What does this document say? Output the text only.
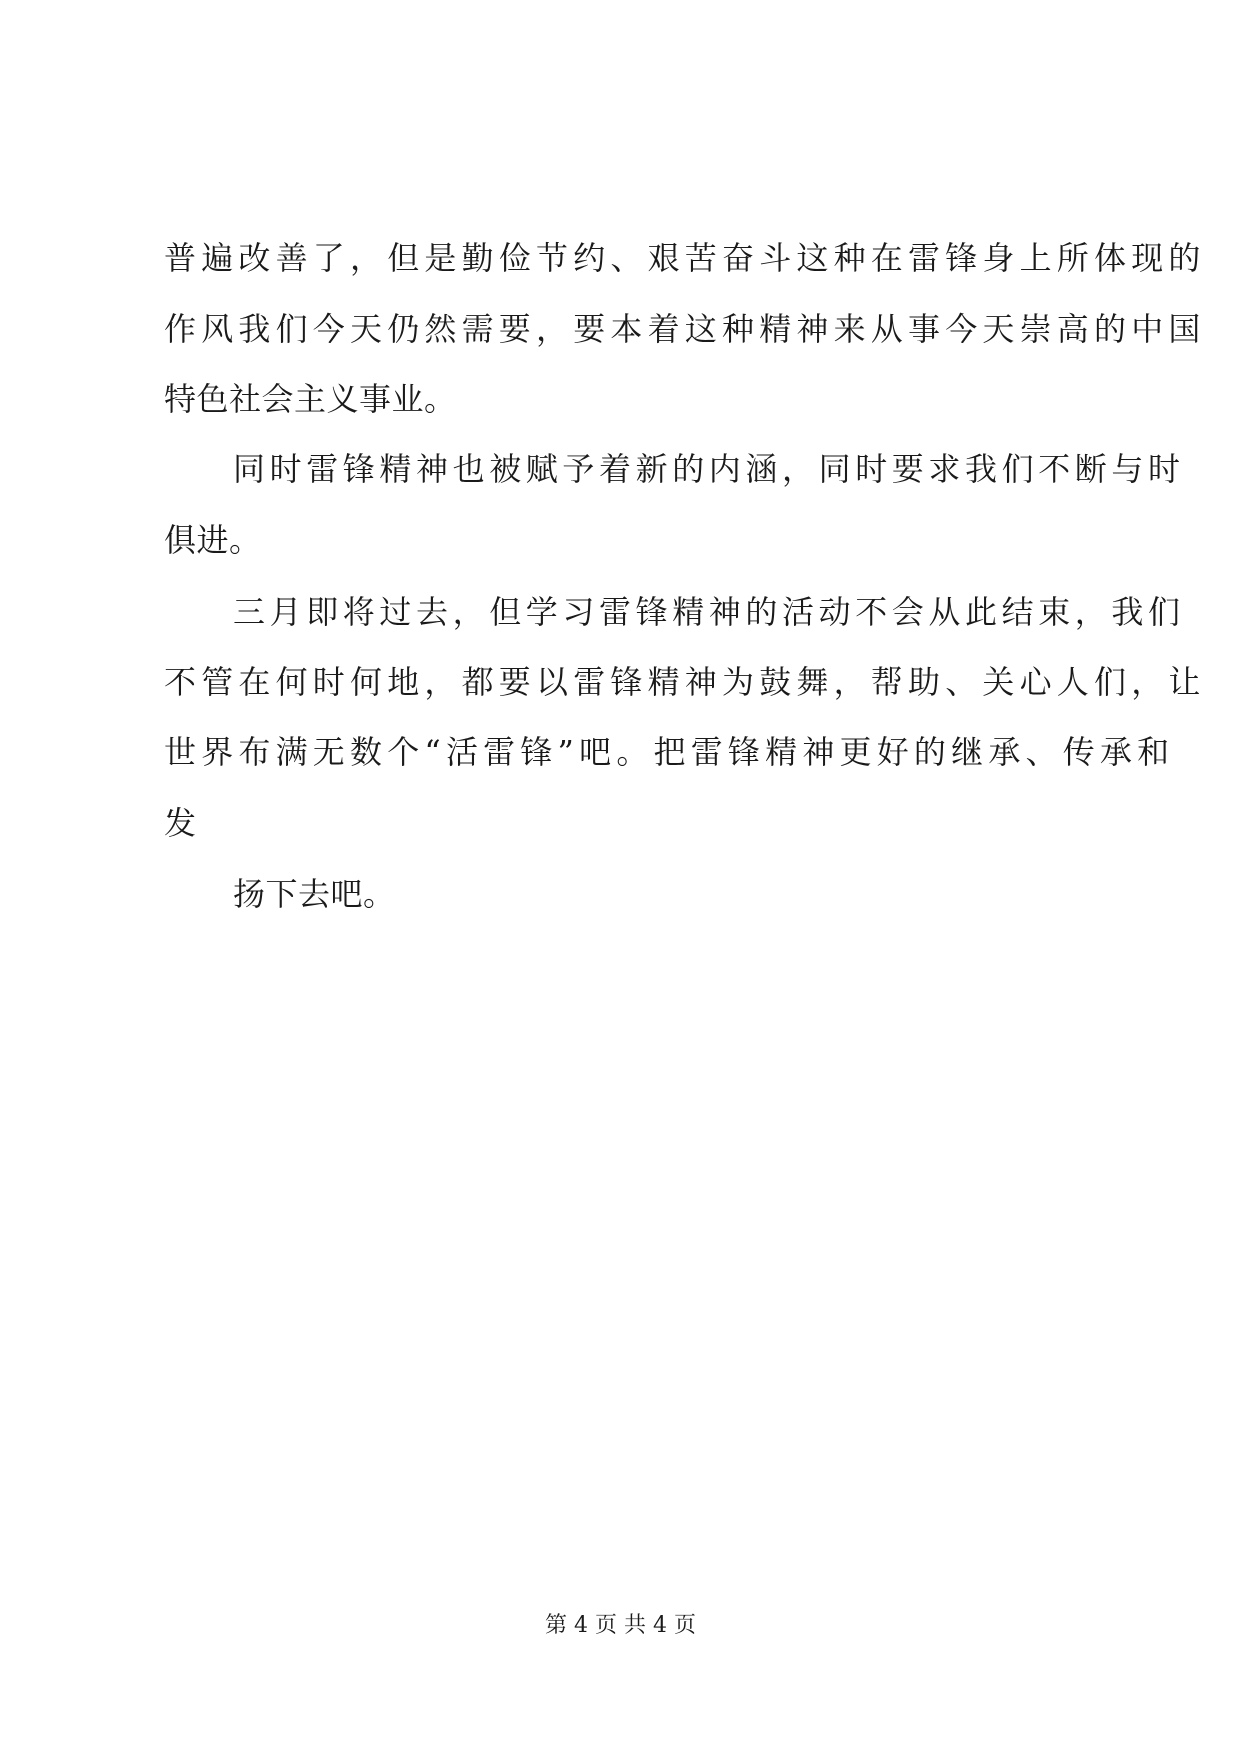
普遍改善了，但是勤俭节约、艰苦奋斗这种在雷锋身上所体现的
作风我们今天仍然需要，要本着这种精神来从事今天崇高的中国
特色社会主义事业。
同时雷锋精神也被赋予着新的内涵，同时要求我们不断与时
俱进。
三月即将过去，但学习雷锋精神的活动不会从此结束，我们
不管在何时何地，都要以雷锋精神为鼓舞，帮助、关心人们，让
世界布满无数个“活雷锋”吧。把雷锋精神更好的继承、传承和
发
扬下去吧。
第 4 页 共 4 页
